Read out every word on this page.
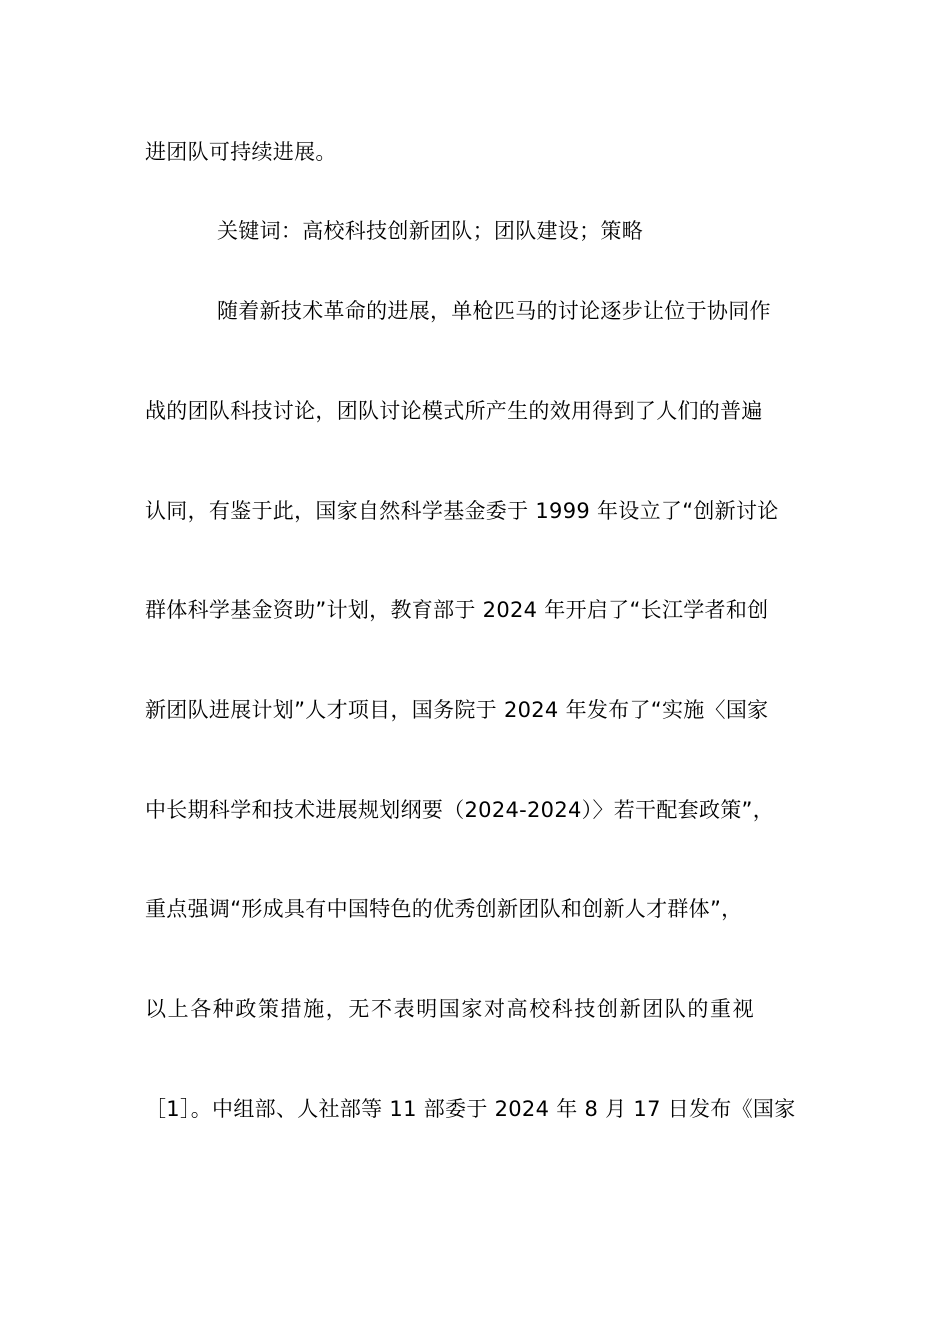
进团队可持续进展。
关键词：高校科技创新团队；团队建设；策略
随着新技术革命的进展，单枪匹马的讨论逐步让位于协同作
战的团队科技讨论，团队讨论模式所产生的效用得到了人们的普遍
认同，有鉴于此，国家自然科学基金委于 1999 年设立了“创新讨论
群体科学基金资助”计划，教育部于 2024 年开启了“长江学者和创
新团队进展计划”人才项目，国务院于 2024 年发布了“实施〈国家
中长期科学和技术进展规划纲要（2024-2024）〉若干配套政策”，
重点强调“形成具有中国特色的优秀创新团队和创新人才群体”，
以上各种政策措施，无不表明国家对高校科技创新团队的重视
［1］。中组部、人社部等 11 部委于 2024 年 8 月 17 日发布《国家
